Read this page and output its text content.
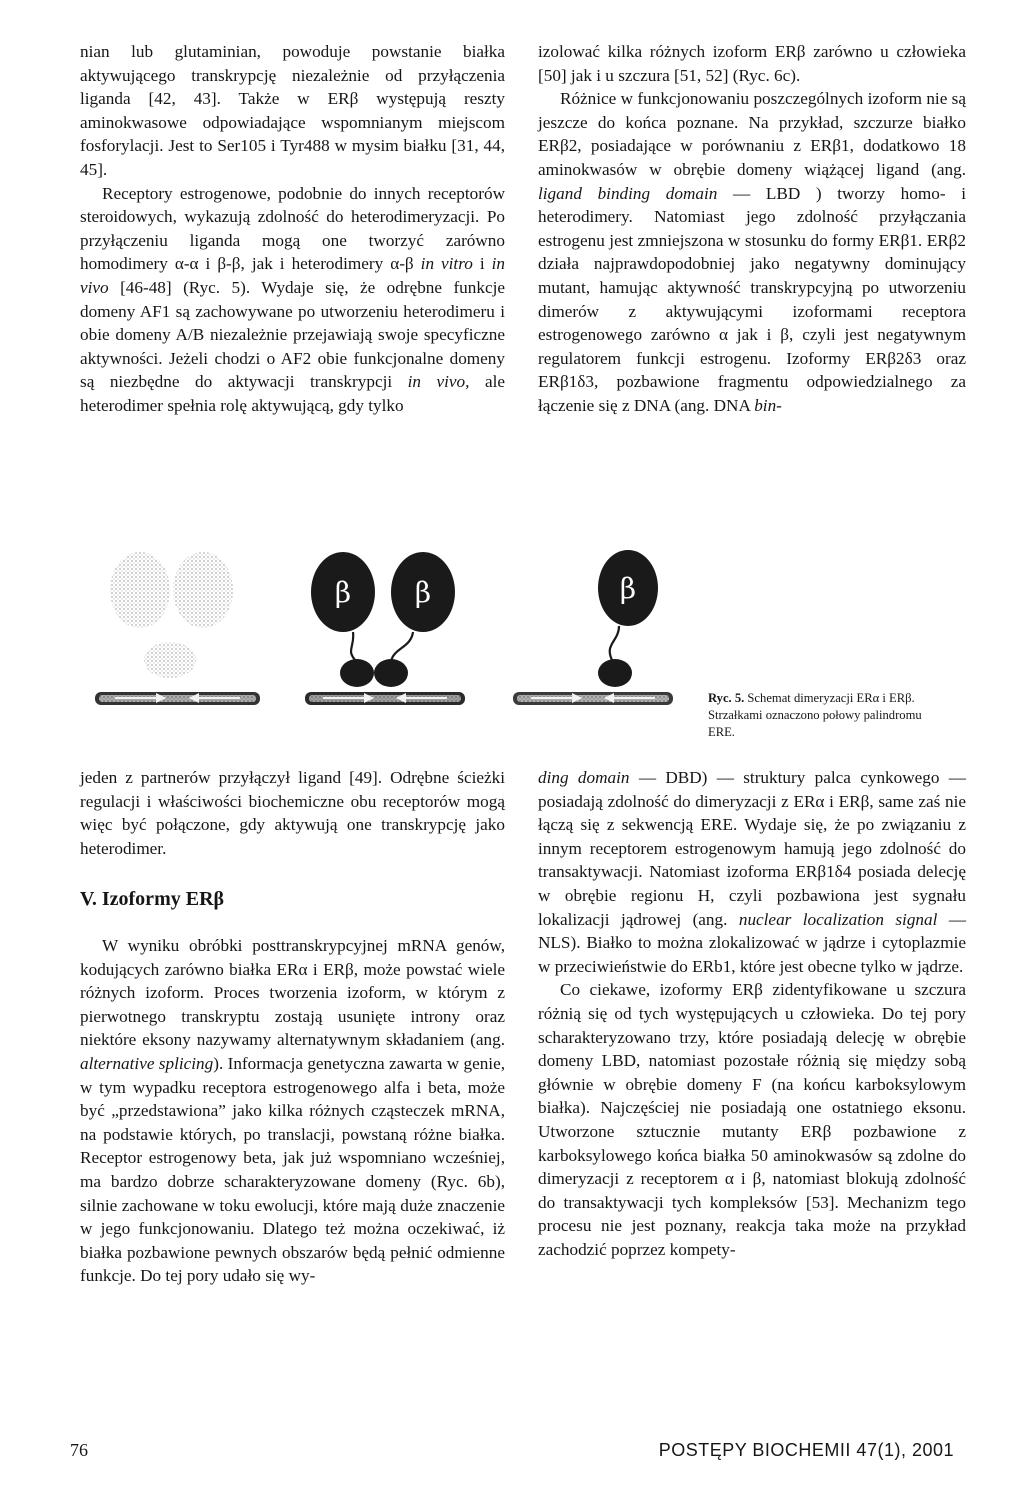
nian lub glutaminian, powoduje powstanie białka aktywującego transkrypcję niezależnie od przyłączenia liganda [42, 43]. Także w ERβ występują reszty aminokwasowe odpowiadające wspomnianym miejscom fosforylacji. Jest to Ser105 i Tyr488 w mysim białku [31, 44, 45].

Receptory estrogenowe, podobnie do innych receptorów steroidowych, wykazują zdolność do heterodimeryzacji. Po przyłączeniu liganda mogą one tworzyć zarówno homodimery α-α i β-β, jak i heterodimery α-β in vitro i in vivo [46-48] (Ryc. 5). Wydaje się, że odrębne funkcje domeny AF1 są zachowywane po utworzeniu heterodimeru i obie domeny A/B niezależnie przejawiają swoje specyficzne aktywności. Jeżeli chodzi o AF2 obie funkcjonalne domeny są niezbędne do aktywacji transkrypcji in vivo, ale heterodimer spełnia rolę aktywującą, gdy tylko

izolować kilka różnych izoform ERβ zarówno u człowieka [50] jak i u szczura [51, 52] (Ryc. 6c).

Różnice w funkcjonowaniu poszczególnych izoform nie są jeszcze do końca poznane. Na przykład, szczurze białko ERβ2, posiadające w porównaniu z ERβ1, dodatkowo 18 aminokwasów w obrębie domeny wiążącej ligand (ang. ligand binding domain — LBD ) tworzy homo- i heterodimery. Natomiast jego zdolność przyłączania estrogenu jest zmniejszona w stosunku do formy ERβ1. ERβ2 działa najprawdopodobniej jako negatywny dominujący mutant, hamując aktywność transkrypcyjną po utworzeniu dimerów z aktywującymi izoformami receptora estrogenowego zarówno α jak i β, czyli jest negatywnym regulatorem funkcji estrogenu. Izoformy ERβ2δ3 oraz ERβ1δ3, pozbawione fragmentu odpowiedzialnego za łączenie się z DNA (ang. DNA bin-

β β	β
Ryc. 5. Schemat dimeryzacji ERα i ERβ. Strzałkami oznaczono połowy palindromu ERE.

jeden z partnerów przyłączył ligand [49]. Odrębne ścieżki regulacji i właściwości biochemiczne obu receptorów mogą więc być połączone, gdy aktywują one transkrypcję jako heterodimer.

V. Izoformy ERβ

W wyniku obróbki posttranskrypcyjnej mRNA genów, kodujących zarówno białka ERα i ERβ, może powstać wiele różnych izoform. Proces tworzenia izoform, w którym z pierwotnego transkryptu zostają usunięte introny oraz niektóre eksony nazywamy alternatywnym składaniem (ang. alternative splicing). Informacja genetyczna zawarta w genie, w tym wypadku receptora estrogenowego alfa i beta, może być „przedstawiona” jako kilka różnych cząsteczek mRNA, na podstawie których, po translacji, powstaną różne białka. Receptor estrogenowy beta, jak już wspomniano wcześniej, ma bardzo dobrze scharakteryzowane domeny (Ryc. 6b), silnie zachowane w toku ewolucji, które mają duże znaczenie w jego funkcjonowaniu. Dlatego też można oczekiwać, iż białka pozbawione pewnych obszarów będą pełnić odmienne funkcje. Do tej pory udało się wy-

ding domain — DBD) — struktury palca cynkowego — posiadają zdolność do dimeryzacji z ERα i ERβ, same zaś nie łączą się z sekwencją ERE. Wydaje się, że po związaniu z innym receptorem estrogenowym hamują jego zdolność do transaktywacji. Natomiast izoforma ERβ1δ4 posiada delecję w obrębie regionu H, czyli pozbawiona jest sygnału lokalizacji jądrowej (ang. nuclear localization signal — NLS). Białko to można zlokalizować w jądrze i cytoplazmie w przeciwieństwie do ERb1, które jest obecne tylko w jądrze.

Co ciekawe, izoformy ERβ zidentyfikowane u szczura różnią się od tych występujących u człowieka. Do tej pory scharakteryzowano trzy, które posiadają delecję w obrębie domeny LBD, natomiast pozostałe różnią się między sobą głównie w obrębie domeny F (na końcu karboksylowym białka). Najczęściej nie posiadają one ostatniego eksonu. Utworzone sztucznie mutanty ERβ pozbawione z karboksylowego końca białka 50 aminokwasów są zdolne do dimeryzacji z receptorem α i β, natomiast blokują zdolność do transaktywacji tych kompleksów [53]. Mechanizm tego procesu nie jest poznany, reakcja taka może na przykład zachodzić poprzez kompety-

76	POSTĘPY BIOCHEMII 47(1), 2001
